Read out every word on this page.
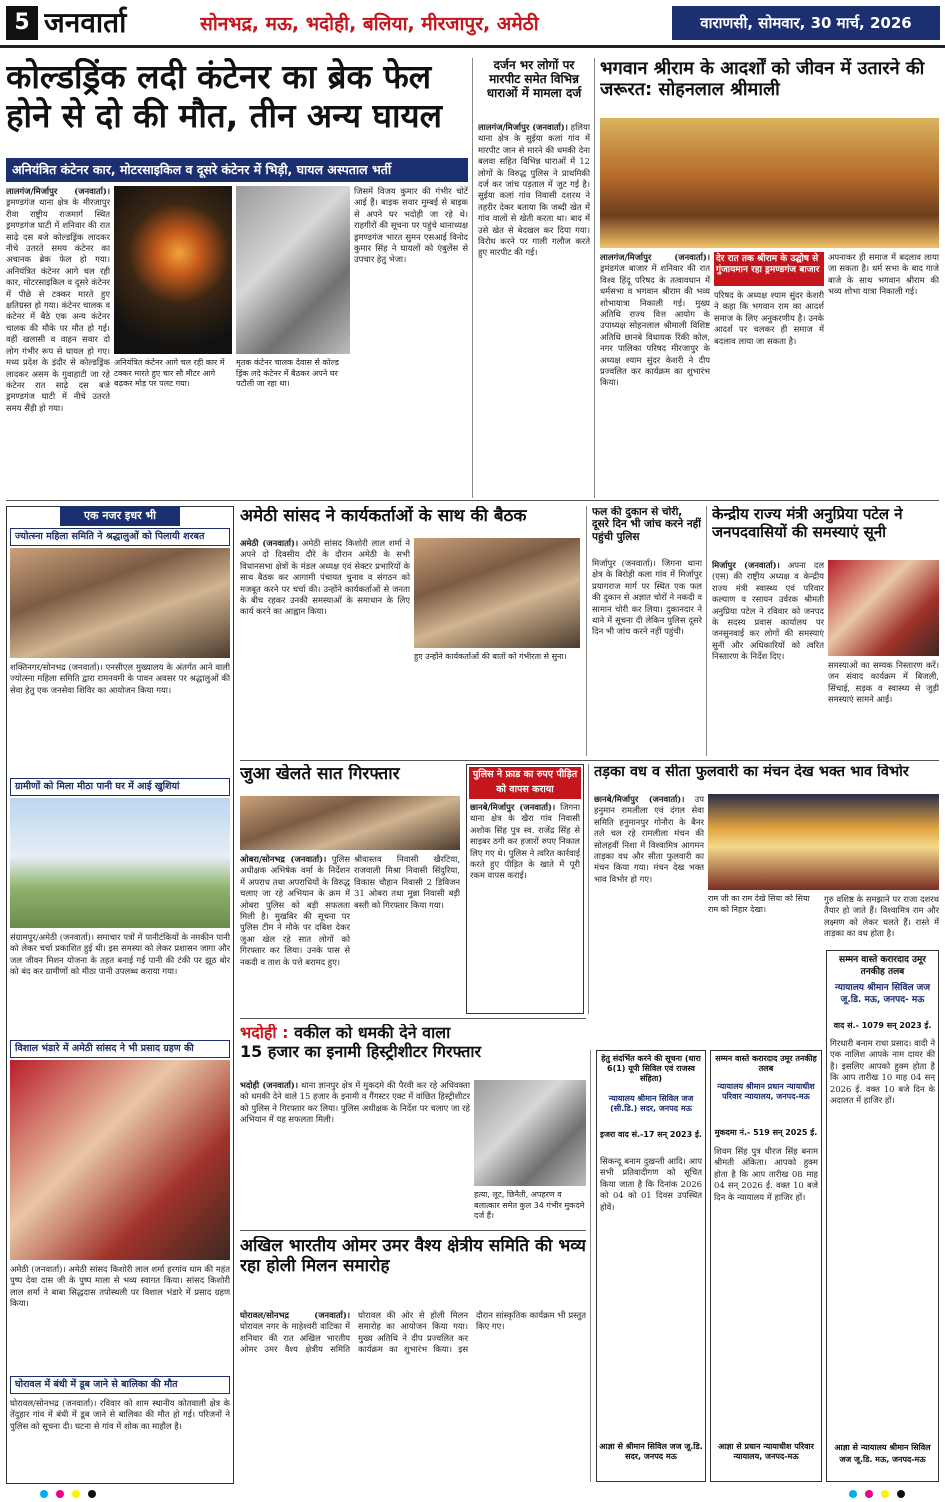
5 जनवार्ता	सोनभद्र, मऊ, भदोही, बलिया, मीरजापुर, अमेठी	वाराणसी, सोमवार, 30 मार्च, 2026
कोल्डड्रिंक लदी कंटेनर का ब्रेक फेल
होने से दो की मौत, तीन अन्य घायल
अनियंत्रित कंटेनर कार, मोटरसाइकिल व दूसरे कंटेनर में भिड़ी, घायल अस्पताल भर्ती
लालगंज/मिर्जापुर (जनवार्ता)। ड्रमण्डगंज थाना क्षेत्र के मीरजापुर रीवा राष्ट्रीय राजमार्ग स्थित ड्रमण्डगंज घाटी में शनिवार की रात साढ़े दस बजे कोल्डड्रिंक लादकर नीचे उतरते समय कंटेनर का अचानक ब्रेक फेल हो गया। अनियंत्रित कंटेनर आगे चल रही कार, मोटरसाइकिल व दूसरे कंटेनर में पीछे से टक्कर मारते हुए क्षतिग्रस्त हो गया। कंटेनर चालक व कंटेनर में बैठे एक अन्य कंटेनर चालक की मौके पर मौत हो गई। वहीं खलासी व वाहन सवार दो लोग गंभीर रूप से घायल हो गए। मध्य प्रदेश के इंदौर से कोल्डड्रिंक लादकर असम के गुवाहाटी जा रहे कंटेनर रात साढ़े दस बजे ड्रमण्डगंज घाटी में नीचे उतरते समय सैंड़ी हो गया।
अनियंत्रित कंटेनर आगे चल रही कार में टक्कर मारते हुए चार सौ मीटर आगे बढ़कर मोड़ पर पलट गया।
मृतक कंटेनर चालक देवास से कोल्ड ड्रिंक लदे कंटेनर में बैठकर अपने घर पटौली जा रहा था।
जिसमें विजय कुमार की गंभीर चोटें आई हैं। बाइक सवार मुम्बई से बाइक से अपने घर भदोही जा रहे थे। राहगीरों की सूचना पर पहुंचे थानाध्यक्ष ड्रमण्डगंज भारत सुमन एसआई विनोद कुमार सिंह ने घायलों को एंबुलेंस से उपचार हेतु भेजा।
दर्जन भर लोगों पर मारपीट समेत विभिन्न धाराओं में मामला दर्ज
लालगंज/मिर्जापुर (जनवार्ता)। हलिया थाना क्षेत्र के सुईया कलां गांव में मारपीट जान से मारने की धमकी देना बलवा सहित विभिन्न धाराओं में 12 लोगों के विरुद्ध पुलिस ने प्राथमिकी दर्ज कर जांच पड़ताल में जुट गई है। सुईया कलां गांव निवासी दशरथ ने तहरीर देकर बताया कि जब्दी खेत में गांव वालों से खेती करता था। बाद में उसे खेत से बेदखल कर दिया गया। विरोध करने पर गाली गलौज करते हुए मारपीट की गई।
भगवान श्रीराम के आदर्शों को जीवन में उतारने की जरूरत: सोहनलाल श्रीमाली
लालगंज/मिर्जापुर (जनवार्ता)। ड्रमंडगंज बाजार में शनिवार की रात विश्व हिंदू परिषद के तत्वावधान में धर्मसभा व भगवान श्रीराम की भव्य शोभायात्रा निकाली गई। मुख्य अतिथि राज्य वित्त आयोग के उपाध्यक्ष सोहनलाल श्रीमाली विशिष्ट अतिथि छानबे विधायक रिंकी कोल, नगर पालिका परिषद मीरजापुर के अध्यक्ष श्याम सुंदर केशरी ने दीप प्रज्वलित कर कार्यक्रम का शुभारंभ किया।
देर रात तक श्रीराम के उद्घोष से गुंजायमान रहा ड्रमण्डगंज बाजार
परिषद के अध्यक्ष श्याम सुंदर केशरी ने कहा कि भगवान राम का आदर्श समाज के लिए अनुकरणीय है। उनके आदर्श पर चलकर ही समाज में बदलाव लाया जा सकता है।
अपनाकर ही समाज में बदलाव लाया जा सकता है। धर्म सभा के बाद गाजे बाजे के साथ भगवान श्रीराम की भव्य शोभा यात्रा निकाली गई।
एक नजर इधर भी
ज्योत्स्ना महिला समिति ने श्रद्धालुओं को पिलायी शरबत
शक्तिनगर/सोनभद्र (जनवार्ता)। एनसीएल मुख्यालय के अंतर्गत आने वाली ज्योत्स्ना महिला समिति द्वारा रामनवमी के पावन अवसर पर श्रद्धालुओं की सेवा हेतु एक जनसेवा शिविर का आयोजन किया गया।
ग्रामीणों को मिला मीठा पानी घर में आई खुशियां
संग्रामपुर/अमेठी (जनवार्ता)। समाचार पत्रों में पानीटंकियों के नमकीन पानी को लेकर चर्चा प्रकाशित हुई थी। इस समस्या को लेकर प्रशासन जागा और जल जीवन मिशन योजना के तहत बनाई गई पानी की टंकी पर झूठ बोर को बंद कर ग्रामीणों को मीठा पानी उपलब्ध कराया गया।
विशाल भंडारे में अमेठी सांसद ने भी प्रसाद ग्रहण की
अमेठी (जनवार्ता)। अमेठी सांसद किशोरी लाल शर्मा हरगांव धाम की महंत पुष्प देवा दास जी के पुष्प माला से भव्य स्वागत किया। सांसद किशोरी लाल शर्मा ने बाबा सिद्धदास तपोस्थली पर विशाल भंडारे में प्रसाद ग्रहण किया।
घोरावल में बंधी में डूब जाने से बालिका की मौत
घोरावल/सोनभद्र (जनवार्ता)। रविवार को शाम स्थानीय कोतवाली क्षेत्र के तेंदुहार गांव में बंधी में डूब जाने से बालिका की मौत हो गई। परिजनों ने पुलिस को सूचना दी। घटना से गांव में शोक का माहौल है।
अमेठी सांसद ने कार्यकर्ताओं के साथ की बैठक
अमेठी (जनवार्ता)। अमेठी सांसद किशोरी लाल शर्मा ने अपने दो दिवसीय दौरे के दौरान अमेठी के सभी विधानसभा क्षेत्रों के मंडल अध्यक्ष एवं सेक्टर प्रभारियों के साथ बैठक कर आगामी पंचायत चुनाव व संगठन को मजबूत करने पर चर्चा की। उन्होंने कार्यकर्ताओं से जनता के बीच रहकर उनकी समस्याओं के समाधान के लिए कार्य करने का आह्वान किया।
हुए उन्होंने कार्यकर्ताओं की बातों को गंभीरता से सुना।
फल की दुकान से चोरी, दूसरे दिन भी जांच करने नहीं पहुंची पुलिस
मिर्जापुर (जनवार्ता)। जिगना थाना क्षेत्र के बिरोही कला गांव में मिर्जापुर प्रयागराज मार्ग पर स्थित एक फल की दुकान से अज्ञात चोरों ने नकदी व सामान चोरी कर लिया। दुकानदार ने थाने में सूचना दी लेकिन पुलिस दूसरे दिन भी जांच करने नहीं पहुंची।
केन्द्रीय राज्य मंत्री अनुप्रिया पटेल ने जनपदवासियों की समस्याएं सूनी
मिर्जापुर (जनवार्ता)। अपना दल (एस) की राष्ट्रीय अध्यक्ष व केन्द्रीय राज्य मंत्री स्वास्थ्य एवं परिवार कल्याण व रसायन उर्वरक श्रीमती अनुप्रिया पटेल ने रविवार को जनपद के सदस्य प्रवास कार्यालय पर जनसुनवाई कर लोगों की समस्याएं सुनीं और अधिकारियों को त्वरित निस्तारण के निर्देश दिए।
समस्याओं का सम्यक निस्तारण करें। जन संवाद कार्यक्रम में बिजली, सिंचाई, सड़क व स्वास्थ्य से जुड़ी समस्याएं सामने आईं।
जुआ खेलते सात गिरफ्तार
ओबरा/सोनभद्र (जनवार्ता)। पुलिस अधीक्षक अभिषेक वर्मा के निर्देशन में अपराध तथा अपराधियों के विरुद्ध चलाए जा रहे अभियान के क्रम में ओबरा पुलिस को बड़ी सफलता मिली है। मुखबिर की सूचना पर पुलिस टीम ने मौके पर दबिश देकर जुआ खेल रहे सात लोगों को गिरफ्तार कर लिया। उनके पास से नकदी व ताश के पत्ते बरामद हुए।
श्रीवास्तव निवासी खैरटिया, राजवाली मिश्रा निवासी सिंदुरिया, विकास चौहान निवासी 2 डिविजन 31 ओबरा तथा मुन्ना निवासी बड़ी बस्ती को गिरफ्तार किया गया।
पुलिस ने फ्राड का रुपए पीड़ित को वापस कराया
छानबे/मिर्जापुर (जनवार्ता)। जिगना थाना क्षेत्र के खैरा गांव निवासी अशोक सिंह पुत्र स्व. राजेंद्र सिंह से साइबर ठगी कर हजारों रुपए निकाल लिए गए थे। पुलिस ने त्वरित कार्रवाई करते हुए पीड़ित के खाते में पूरी रकम वापस कराई।
तड़का वध व सीता फुलवारी का मंचन देख भक्त भाव विभोर
छानबे/मिर्जापुर (जनवार्ता)। उप हनुमान रामलीला एवं दंगल सेवा समिति हनुमानपुर गोनौरा के बैनर तले चल रहे रामलीला मंचन की सोलहवीं निशा में विश्वामित्र आगमन ताड़का वध और सीता फुलवारी का मंचन किया गया। मंचन देख भक्त भाव विभोर हो गए।
राम जी का राम देखे सिया को सिया राम को निहार देखा।
गुरु वशिष्ठ के समझाने पर राजा दशरथ तैयार हो जाते हैं। विश्वामित्र राम और लक्ष्मण को लेकर चलते हैं। रास्ते में ताड़का का वध होता है।
सम्मन वास्ते करारदाद उमूर तनकीह तलब
न्यायालय श्रीमान सिविल जज जू.डि. मऊ, जनपद- मऊ
वाद सं.- 1079 सन् 2023 ई.
गिरधारी बनाम राधा प्रसाद। वादी ने एक नालिश आपके नाम दायर की है। इसलिए आपको हुक्म होता है कि आप तारीख 10 माह 04 सन् 2026 ई. वक्त 10 बजे दिन के अदालत में हाजिर हों।
आज्ञा से न्यायालय श्रीमान सिविल जज जू.डि. मऊ, जनपद-मऊ
भदोही : वकील को धमकी देने वाला
15 हजार का इनामी हिस्ट्रीशीटर गिरफ्तार
भदोही (जनवार्ता)। थाना ज्ञानपुर क्षेत्र में मुकदमे की पैरवी कर रहे अधिवक्ता को धमकी देने वाले 15 हजार के इनामी व गैंगस्टर एक्ट में वांछित हिस्ट्रीशीटर को पुलिस ने गिरफ्तार कर लिया। पुलिस अधीक्षक के निर्देश पर चलाए जा रहे अभियान में यह सफलता मिली।
हत्या, लूट, छिनैती, अपहरण व बलात्कार समेत कुल 34 गंभीर मुकदमे दर्ज हैं।
हेतु संदर्भित करने की सूचना (धारा 6(1) यूपी सिविल एवं राजस्व संहिता)
न्यायालय श्रीमान सिविल जज (सी.डि.) सदर, जनपद मऊ
इजरा वाद सं.-17 सन् 2023 ई.
सिकन्दू बनाम दुखन्ती आदि। आप सभी प्रतिवादीगण को सूचित किया जाता है कि दिनांक 2026 को 04 को 01 दिवस उपस्थित होवें।
आज्ञा से श्रीमान सिविल जज जू.डि. सदर, जनपद मऊ
सम्मन वास्ते करारदाद उमूर तनकीह तलब
न्यायालय श्रीमान प्रधान न्यायाधीश परिवार न्यायालय, जनपद-मऊ
मुकदमा नं.- 519 सन् 2025 ई.
शिवम सिंह पुत्र धीरज सिंह बनाम श्रीमती अंकिता। आपको हुक्म होता है कि आप तारीख 08 माह 04 सन् 2026 ई. वक्त 10 बजे दिन के न्यायालय में हाजिर हों।
आज्ञा से प्रधान न्यायाधीश परिवार न्यायालय, जनपद-मऊ
अखिल भारतीय ओमर उमर वैश्य क्षेत्रीय समिति की भव्य रहा होली मिलन समारोह
घोरावल/सोनभद्र (जनवार्ता)। घोरावल नगर के माहेश्वरी वाटिका में शनिवार की रात अखिल भारतीय ओमर उमर वैश्य क्षेत्रीय समिति घोरावल की ओर से होली मिलन समारोह का आयोजन किया गया। मुख्य अतिथि ने दीप प्रज्वलित कर कार्यक्रम का शुभारंभ किया। इस दौरान सांस्कृतिक कार्यक्रम भी प्रस्तुत किए गए।
